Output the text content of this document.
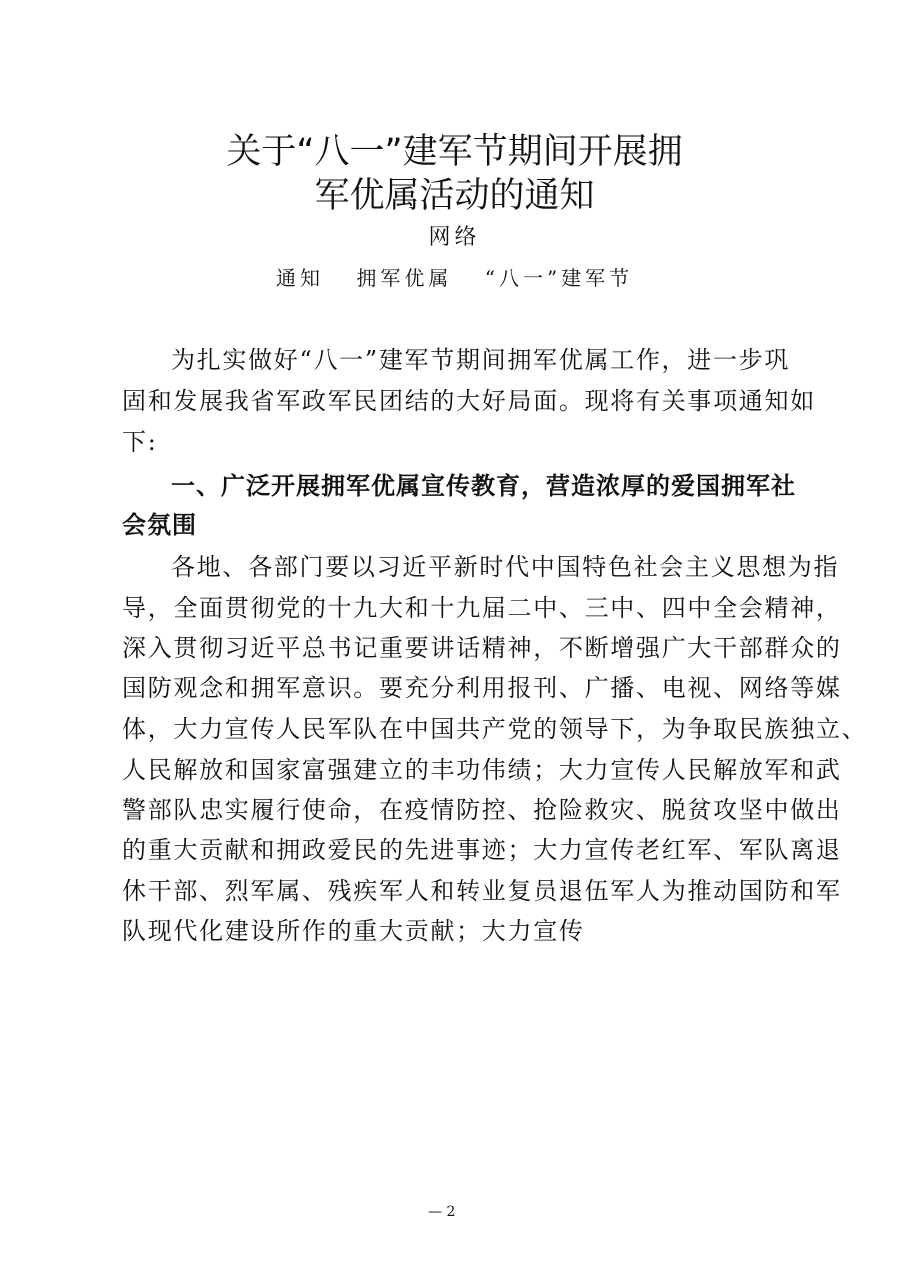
关于“八一”建军节期间开展拥
军优属活动的通知
网络
通知 拥军优属 “八一”建军节
为扎实做好“八一”建军节期间拥军优属工作，进一步巩
固和发展我省军政军民团结的大好局面。现将有关事项通知如
下:
一、广泛开展拥军优属宣传教育，营造浓厚的爱国拥军社
会氛围
各地、各部门要以习近平新时代中国特色社会主义思想为指
导，全面贯彻党的十九大和十九届二中、三中、四中全会精神，
深入贯彻习近平总书记重要讲话精神，不断增强广大干部群众的
国防观念和拥军意识。要充分利用报刊、广播、电视、网络等媒
体，大力宣传人民军队在中国共产党的领导下，为争取民族独立、
人民解放和国家富强建立的丰功伟绩；大力宣传人民解放军和武
警部队忠实履行使命，在疫情防控、抢险救灾、脱贫攻坚中做出
的重大贡献和拥政爱民的先进事迹；大力宣传老红军、军队离退
休干部、烈军属、残疾军人和转业复员退伍军人为推动国防和军
队现代化建设所作的重大贡献；大力宣传
— 2
